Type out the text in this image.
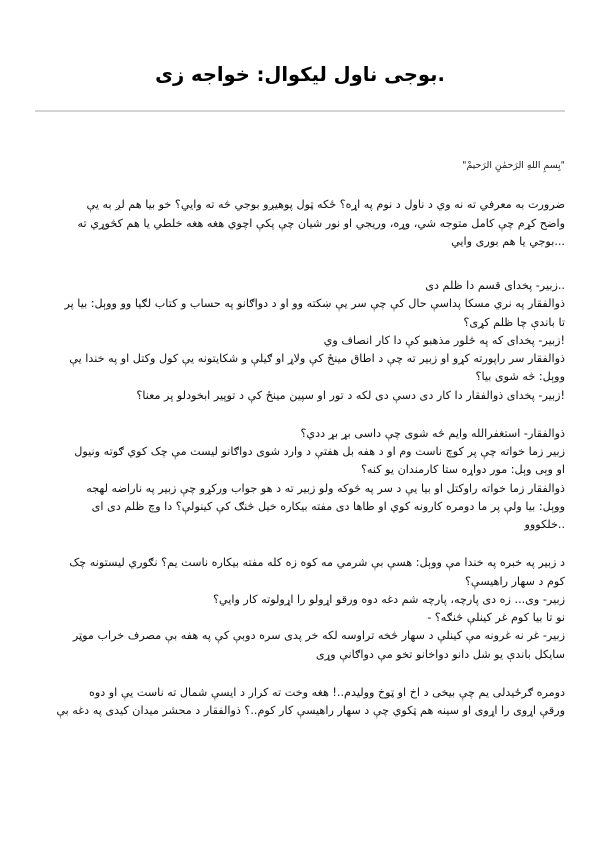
.بوجی ناول لیکوال: خواجه زی

"بِسمِ اللهِ الرَحمٰنِ الرَحیمْ"

ضرورت به معرفي ته نه وي د ناول د نوم په اړه؟ ځکه ټول پوهيږو بوجي څه ته وايي؟ خو بيا هم لږ به يې

واضح کړم چې کامل متوجه شي، وړه، وريجي او نور شيان چې پکې اچوي هغه هغه خلطي يا هم کڅوړي ته

...بوجي يا هم بوری وايي

..زبير- پخدای قسم دا ظلم دی

ذوالفقار په نري مسکا پداسې حال کې چې سر يې ښکته وو او د دواګانو په حساب و کتاب لګيا وو ووېل: بيا پر

تا باندې چا ظلم کړی؟

!زبير- پخدای که په څلور مذهبو کې دا کار انصاف وي

ذوالفقار سر راپورته کړو او زبير ته چې د اطاق مينځ کې ولاړ او ګيلې و شکايتونه يې کول وکتل او په خندا يې

ووېل: څه شوی بيا؟

!زبير- پخدای ذوالفقار دا کار دی دسې دی لکه د تور او سپين مينځ کې د توپير ابخودلو پر معنا؟

ذوالفقار- استغفرالله وايم څه شوی چې داسی بړ بړ ددي؟

زبير زما خواته چې پر کوچ ناست وم او د هفه بل هفتې د وارد شوی دواګانو ليست مې چک کوي ګوته ونيول

او وېی وېل: مور دواړه ستا کارمندان يو کنه؟

ذوالفقار زما خواته راوکتل او بيا يې د سر په څوکه ولو زبير ته د هو جواب ورکړو چې زبير په ناراضه لهجه

ووېل: بيا ولې پر ما دومره کارونه کوي او طاها دی مفته بيکاره خيل څنګ کې کينولې؟ دا وچ ظلم دی ای

..خلکووو

د زبير په خبره په خندا مې ووېل: هسې بې شرمي مه کوه زه کله مفته بيکاره ناست يم؟ نګوري ليستونه چک

کوم د سهار راهيسې؟

زبير- وی... زه دی پارچه، پارچه شم دغه دوه ورقو اړولو را اړولوته کار وايي؟

نو تا بيا کوم غر کينلې څنګه؟ -

زبير- غر نه غرونه مې کينلې د سهار څخه تراوسه لکه خر پدی سره دوبې کې په هفه بې مصرف خراب موټر

سايکل باندې يو شل دانو دواخانو تخو مې دواګانې وړی

دومره ګرځيدلی يم چې بيخی د اخ او ټوخ ووليدم..! هغه وخت ته کرار د ايسې شمال ته ناست يې او دوه

ورقې اړوی را اړوی او سينه هم ټکوي چې د سهار راهيسې کار کوم..؟ ذوالفقار د محشر ميدان کيدی په دغه بې
